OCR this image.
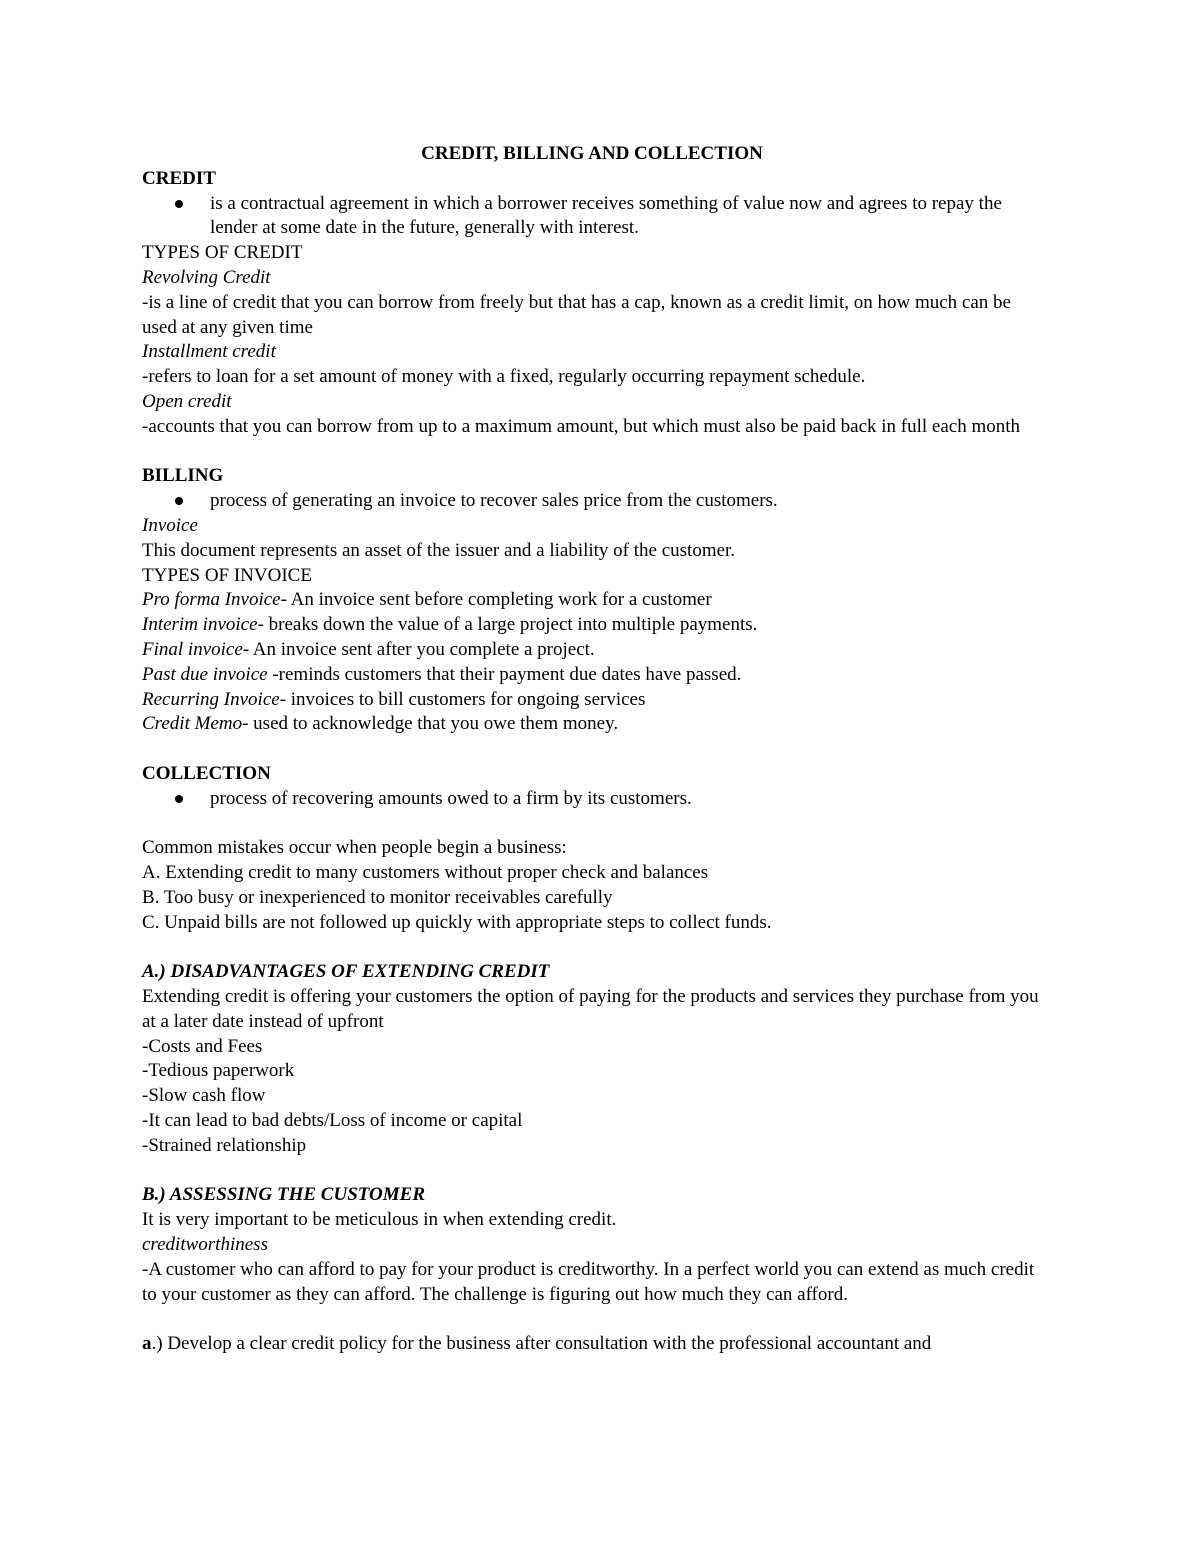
CREDIT, BILLING AND COLLECTION

CREDIT

is a contractual agreement in which a borrower receives something of value now and agrees to repay the lender at some date in the future, generally with interest.

TYPES OF CREDIT

Revolving Credit

-is a line of credit that you can borrow from freely but that has a cap, known as a credit limit, on how much can be used at any given time

Installment credit

-refers to loan for a set amount of money with a fixed, regularly occurring repayment schedule.

Open credit

-accounts that you can borrow from up to a maximum amount, but which must also be paid back in full each month

BILLING

process of generating an invoice to recover sales price from the customers.

Invoice

This document represents an asset of the issuer and a liability of the customer.

TYPES OF INVOICE

Pro forma Invoice- An invoice sent before completing work for a customer

Interim invoice- breaks down the value of a large project into multiple payments.

Final invoice- An invoice sent after you complete a project.

Past due invoice -reminds customers that their payment due dates have passed.

Recurring Invoice- invoices to bill customers for ongoing services

Credit Memo- used to acknowledge that you owe them money.

COLLECTION

process of recovering amounts owed to a firm by its customers.

Common mistakes occur when people begin a business:

A. Extending credit to many customers without proper check and balances

B. Too busy or inexperienced to monitor receivables carefully

C. Unpaid bills are not followed up quickly with appropriate steps to collect funds.

A.) DISADVANTAGES OF EXTENDING CREDIT

Extending credit is offering your customers the option of paying for the products and services they purchase from you at a later date instead of upfront

-Costs and Fees

-Tedious paperwork

-Slow cash flow

-It can lead to bad debts/Loss of income or capital

-Strained relationship

B.) ASSESSING THE CUSTOMER

It is very important to be meticulous in when extending credit.

creditworthiness

-A customer who can afford to pay for your product is creditworthy. In a perfect world you can extend as much credit to your customer as they can afford. The challenge is figuring out how much they can afford.

a.) Develop a clear credit policy for the business after consultation with the professional accountant and
